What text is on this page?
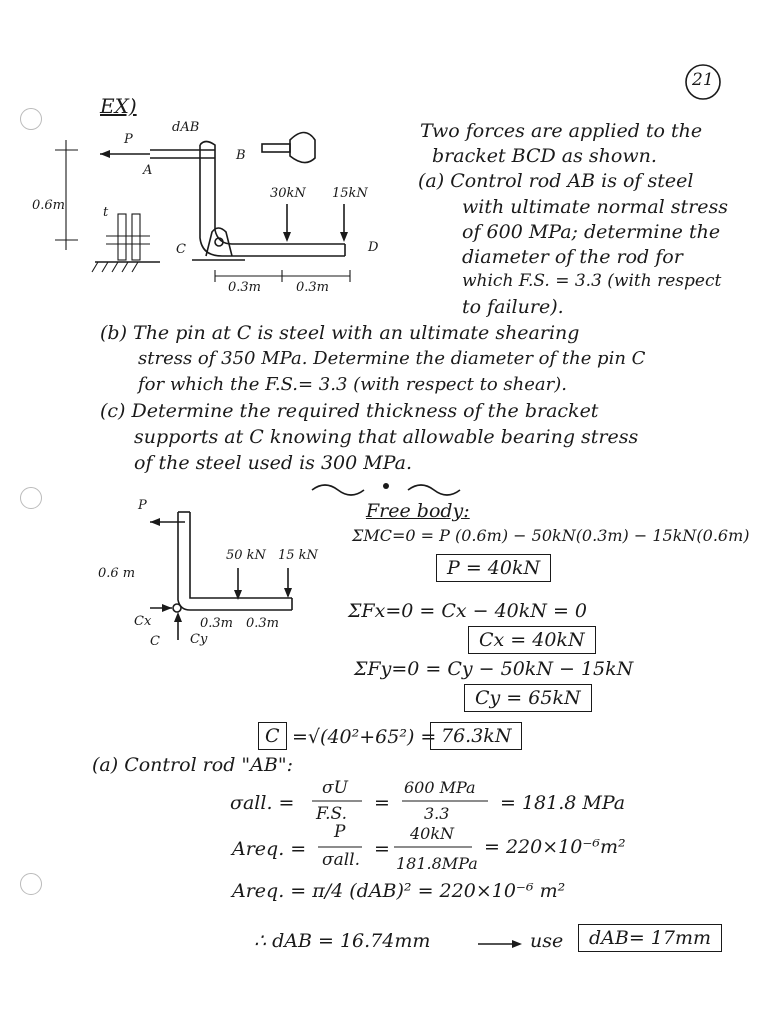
21
EX)
0.6m
P
A
dAB
B
t
C	D
30kN 15kN
0.3m	0.3m
Two forces are applied to the
bracket BCD as shown.
(a) Control rod AB is of steel
with ultimate normal stress
of 600 MPa; determine the
diameter of the rod for
which F.S. = 3.3 (with respect
to failure).
(b) The pin at C is steel with an ultimate shearing
stress of 350 MPa. Determine the diameter of the pin C
for which the F.S.= 3.3 (with respect to shear).
(c) Determine the required thickness of the bracket
supports at C knowing that allowable bearing stress
of the steel used is 300 MPa.
P
0.6 m
50 kN 15 kN
0.3m 0.3m
Cx
C Cy
Free body:
ΣMC=0 = P (0.6m) − 50kN(0.3m) − 15kN(0.6m)
P = 40kN
ΣFx=0 = Cx − 40kN = 0
Cx = 40kN
ΣFy=0 = Cy − 50kN − 15kN
Cy = 65kN
C =√(40²+65²) = 76.3kN
(a) Control rod "AB":
σall. =
σU
F.S. =
600 MPa
3.3	= 181.8 MPa
Areq. =
P
σall. =
40kN
181.8MPa
= 220×10⁻⁶m²
Areq. = π/4 (dAB)² = 220×10⁻⁶ m²
∴ dAB = 16.74mm	use	dAB= 17mm
